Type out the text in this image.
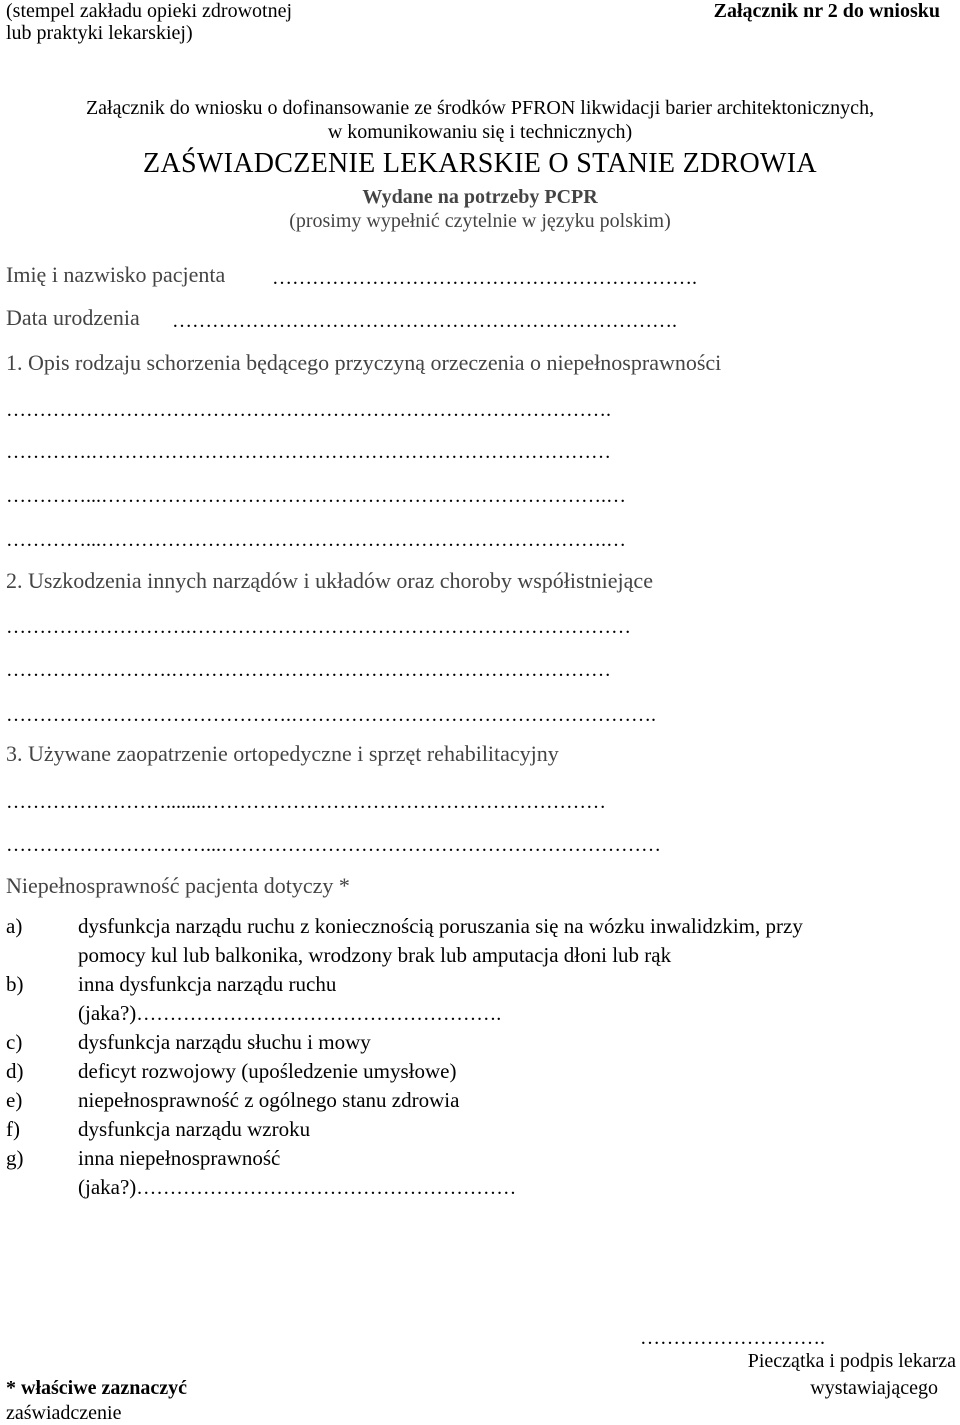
(stempel zakładu opieki zdrowotnej
lub praktyki lekarskiej)
Załącznik nr 2 do wniosku
Załącznik do wniosku o dofinansowanie ze środków PFRON likwidacji barier architektonicznych,
w komunikowaniu się i technicznych)
ZAŚWIADCZENIE LEKARSKIE O STANIE ZDROWIA
Wydane na potrzeby PCPR
(prosimy wypełnić czytelnie w języku polskim)
Imię i nazwisko pacjenta ……………………………………………………….
Data urodzenia ………………………………………………………………….
1. Opis rodzaju schorzenia będącego przyczyną orzeczenia o niepełnosprawności
……………………………………………………………………………….
………….……………………………………………………………………
…………...………………………………………………………………….…
…………...………………………………………………………………….…
2. Uszkodzenia innych narządów i układów oraz choroby współistniejące
……………………….…………………………………………………………
…………………….…………………………………………………………
…………………………………….……………………………………………….
3. Używane zaopatrzenie ortopedyczne i sprzęt rehabilitacyjny
……………………........……………………………………………………
…………………………...…………………………………………………………
Niepełnosprawność pacjenta dotyczy *
a)	dysfunkcja narządu ruchu z koniecznością poruszania się na wózku inwalidzkim, przy
pomocy kul lub balkonika, wrodzony brak lub amputacja dłoni lub rąk
b)	inna dysfunkcja narządu ruchu
(jaka?)……………………………………………….
c)	dysfunkcja narządu słuchu i mowy
d)	deficyt rozwojowy (upośledzenie umysłowe)
e)	niepełnosprawność z ogólnego stanu zdrowia
f)	dysfunkcja narządu wzroku
g)	inna niepełnosprawność
(jaka?)…………………………………………………
……………………….
Pieczątka i podpis lekarza
wystawiającego
* właściwe zaznaczyć
zaświadczenie
